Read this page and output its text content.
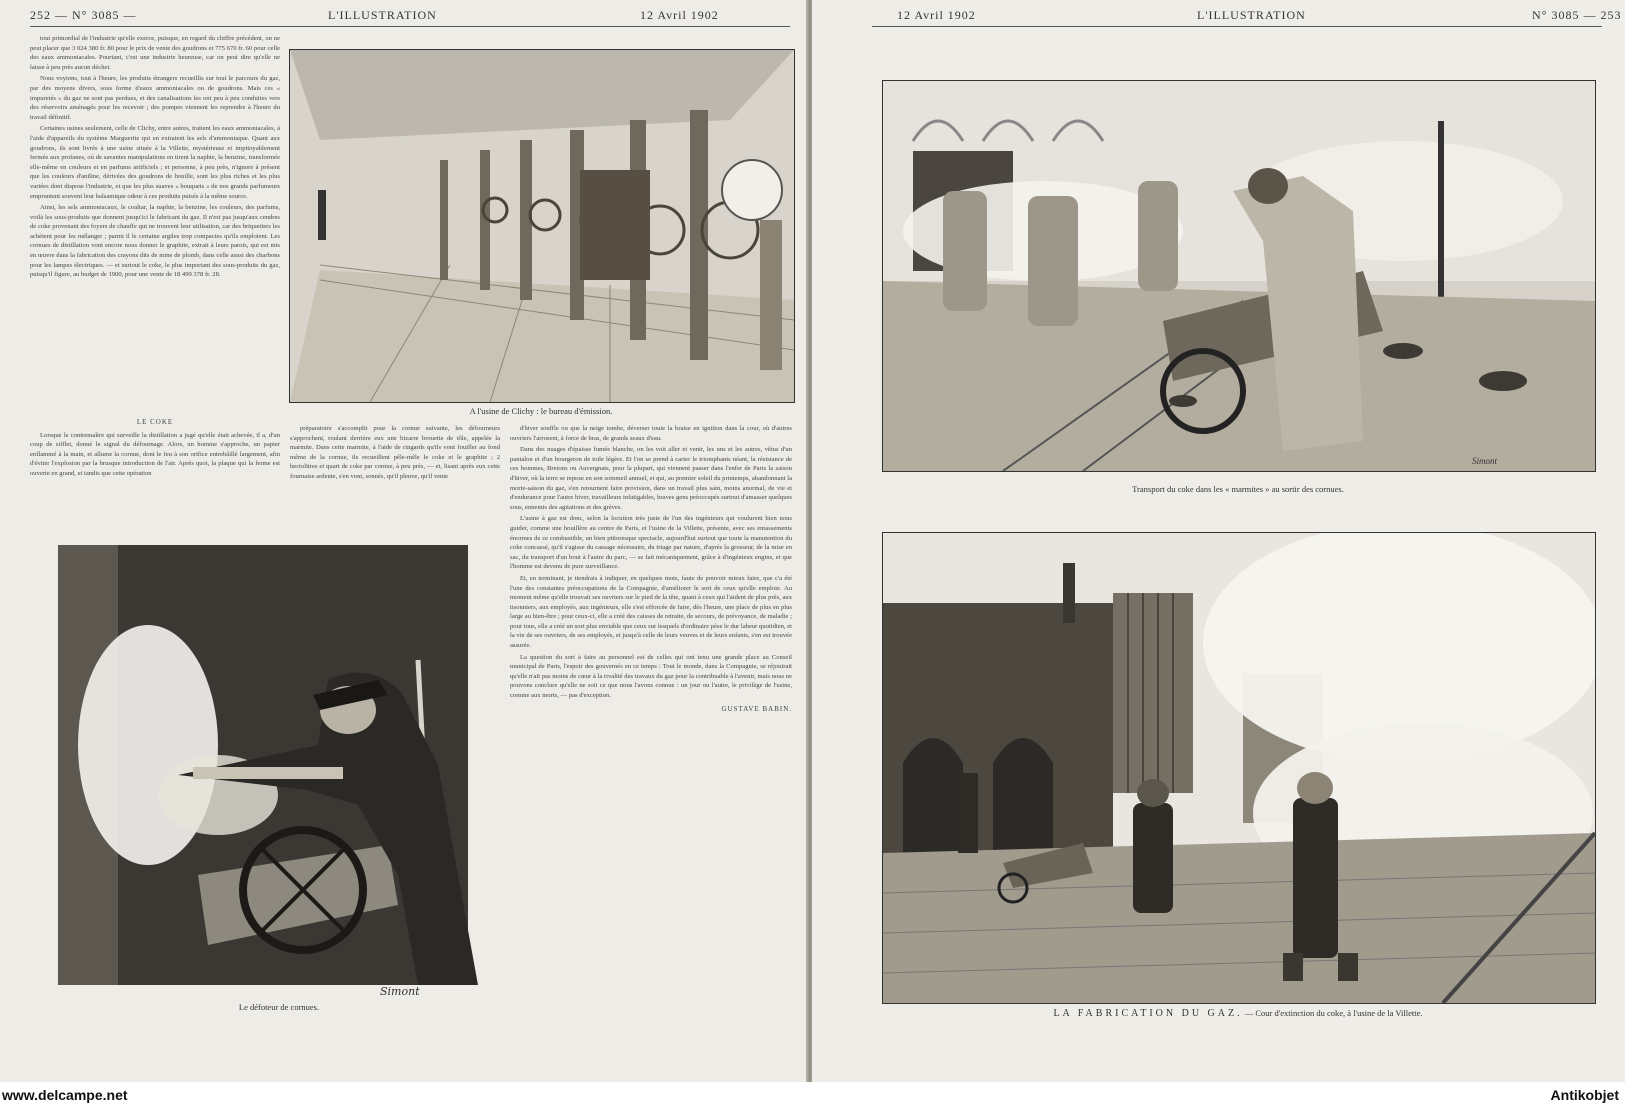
252 — N° 3085 —	L'ILLUSTRATION	12 Avril 1902

tout primordial de l'industrie qu'elle exerce, puisque, en regard du chiffre précédent, on ne peut placer que 3 024 380 fr. 80 pour le prix de vente des goudrons et 775 670 fr. 60 pour celle des eaux ammoniacales. Pourtant, c'est une industrie heureuse, car on peut dire qu'elle ne laisse à peu près aucun déchet.

Nous voyions, tout à l'heure, les produits étrangers recueillis sur tout le parcours du gaz, par des moyens divers, sous forme d'eaux ammoniacales ou de goudrons. Mais ces « impuretés » du gaz ne sont pas perdues, et des canalisations les ont peu à peu conduites vers des réservoirs aménagés pour les recevoir ; des pompes viennent les reprendre à l'heure du travail définitif.

Certaines usines seulement, celle de Clichy, entre autres, traitent les eaux ammoniacales, à l'aide d'appareils du système Marguerite qui en extraient les sels d'ammoniaque. Quant aux goudrons, ils sont livrés à une usine située à la Villette, mystérieuse et impitoyablement fermée aux profanes, où de savantes manipulations en tirent la naphte, la benzine, transformée elle-même en couleurs et en parfums artificiels ; et personne, à peu près, n'ignore à présent que les couleurs d'aniline, dérivées des goudrons de houille, sont les plus riches et les plus variées dont dispose l'industrie, et que les plus suaves « bouquets » de nos grands parfumeurs empruntent souvent leur balsamique odeur à ces produits puisés à la même source.

Ainsi, les sels ammoniacaux, le coaltar, la naphte, la benzine, les couleurs, des parfums, voilà les sous-produits que donnent jusqu'ici le fabricant du gaz. Il n'est pas jusqu'aux cendres de coke provenant des foyers de chauffe qui ne trouvent leur utilisation, car des briquetiers les achètent pour les mélanger ; parmi il le certaine argiles trop compactes qu'ils emploient. Les cornues de distillation vont encore nous donner le graphite, extrait à leurs parois, qui est mis en œuvre dans la fabrication des crayons dits de mine de plomb, dans celle aussi des charbons pour les lampes électriques. — et surtout le coke, le plus important des sous-produits du gaz, puisqu'il figure, au budget de 1900, pour une vente de 18 499 378 fr. 28.

A l'usine de Clichy : le bureau d'émission.

LE COKE

Lorsque le contremaître qui surveille la distillation a jugé qu'elle était achevée, il a, d'un coup de sifflet, donné le signal du défournage. Alors, un homme s'approche, un papier enflammé à la main, et allume la cornue, dont le feu à son orifice entrebâillé largement, afin d'éviter l'explosion par la brusque introduction de l'air. Après quoi, la plaque qui la ferme est ouverte en grand, et tandis que cette opération

préparatoire s'accomplit pour la cornue suivante, les défourneurs s'approchent, roulant derrière eux une bizarre brouette de tôle, appelée la marmite. Dans cette marmite, à l'aide de ringards qu'ils vont fouiller au fond même de la cornue, ils recueillent pêle-mêle le coke et le graphite ; 2 hectolitres et quart de coke par cornue, à peu près, — et, lisant après eux cette fournaise ardente, s'en vont, sonnés, qu'il pleuve, qu'il vente

d'hiver souffle ou que la neige tombe, déverser toute la braise en ignition dans la cour, où d'autres ouvriers l'arrosent, à force de bras, de grands seaux d'eau.

Dans des nuages d'épaisse fumée blanche, on les voit aller et venir, les uns et les autres, vêtus d'un pantalon et d'un bourgeron de toile légère. Et l'on se prend à carier le triomphants néant, la résistance de ces hommes, Bretons ou Auvergnats, pour la plupart, qui viennent passer dans l'enfer de Paris la saison d'hiver, où la terre se repose en son sommeil annuel, et qui, au premier soleil du printemps, abandonnant la morte-saison du gaz, s'en retournent faire provision, dans un travail plus sain, moins anormal, de vie et d'endurance pour l'autre hiver, travailleurs infatigables, braves gens préoccupés surtout d'amasser quelques sous, ennemis des agitations et des grèves.

L'usine à gaz est donc, selon la locution très juste de l'un des ingénieurs qui voulurent bien nous guider, comme une houillère au centre de Paris, et l'usine de la Villette, présente, avec ses entassements énormes de ce combustible, un bien pittoresque spectacle, aujourd'hui surtout que toute la manutention du coke concassé, qu'il s'agisse du cassage nécessaire, du triage par nature, d'après la grosseur, de la mise en sac, du transport d'un bout à l'autre du parc, — se fait mécaniquement, grâce à d'ingénieux engins, et que l'homme est devenu de pure surveillance.

Et, en terminant, je tiendrais à indiquer, en quelques mots, faute de pouvoir mieux faire, que c'a été l'une des constantes préoccupations de la Compagnie, d'améliorer le sort de ceux qu'elle emploie. Au moment même qu'elle trouvait ses ouvriers sur le pied de la tête, quant à ceux qui l'aident de plus près, aux tisonniers, aux employés, aux ingénieurs, elle s'est efforcée de faire, dès l'heure, une place de plus en plus large au bien-être ; pour ceux-ci, elle a créé des caisses de retraite, de secours, de prévoyance, de maladie ; pour tous, elle a créé un sort plus enviable que ceux sur lesquels d'ordinaire pèse le dur labeur quotidien, et la vie de ses ouvriers, de ses employés, et jusqu'à celle de leurs veuves et de leurs enfants, s'en est trouvée assurée.

La question du sort à faire au personnel est de celles qui ont tenu une grande place au Conseil municipal de Paris, l'espoir des gouvernés en ce temps : Tout le monde, dans la Compagnie, se réjouirait qu'elle n'ait pas moins de cœur à la rivalité des travaux du gaz pour la contribuable à l'avenir, mais nous ne pouvons conclure qu'elle ne soit ce que nous l'avons connue : un jour ou l'autre, le privilège de l'usine, comme aux morts, — pas d'exception.

GUSTAVE BABIN.

Simont
Le défoteur de cornues.
12 Avril 1902	L'ILLUSTRATION	N° 3085 — 253
Simont
Transport du coke dans les « marmites » au sortir des cornues.
LA FABRICATION DU GAZ. — Cour d'extinction du coke, à l'usine de la Villette.
www.delcampe.net	Antikobjet
